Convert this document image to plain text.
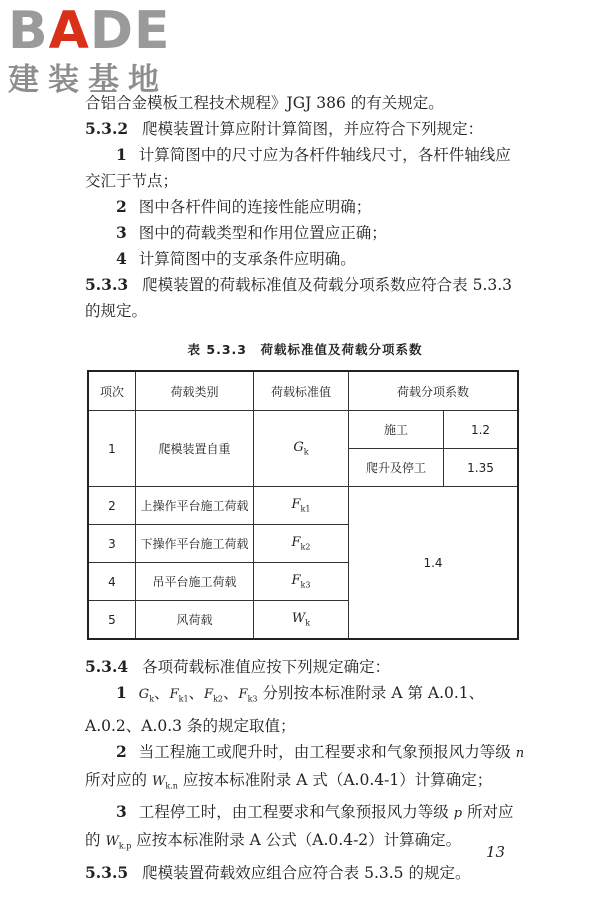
BADE
建装基地

合铝合金模板工程技术规程》JGJ 386 的有关规定。

5.3.2 爬模装置计算应附计算简图，并应符合下列规定：

1 计算简图中的尺寸应为各杆件轴线尺寸，各杆件轴线应交汇于节点；

2 图中各杆件间的连接性能应明确；

3 图中的荷载类型和作用位置应正确；

4 计算简图中的支承条件应明确。

5.3.3 爬模装置的荷载标准值及荷载分项系数应符合表 5.3.3 的规定。

表 5.3.3　荷载标准值及荷载分项系数
项次	荷载类别	荷载标准值	荷载分项系数	
1	爬模装置自重	$G_k$	施工	1.2
			爬升及停工	1.35
2	上操作平台施工荷载	$F_{k1}$	1.4	
3	下操作平台施工荷载	$F_{k2}$
4	吊平台施工荷载	$F_{k3}$
5	风荷载	$W_k$

5.3.4 各项荷载标准值应按下列规定确定：

1 $G_k$、$F_{k1}$、$F_{k2}$、$F_{k3}$ 分别按本标准附录 A 第 A.0.1、A.0.2、A.0.3 条的规定取值；

2 当工程施工或爬升时，由工程要求和气象预报风力等级 n 所对应的 $W_{k.n}$ 应按本标准附录 A 式（A.0.4-1）计算确定；

3 工程停工时，由工程要求和气象预报风力等级 p 所对应的 $W_{k.p}$ 应按本标准附录 A 公式（A.0.4-2）计算确定。

5.3.5 爬模装置荷载效应组合应符合表 5.3.5 的规定。

13
